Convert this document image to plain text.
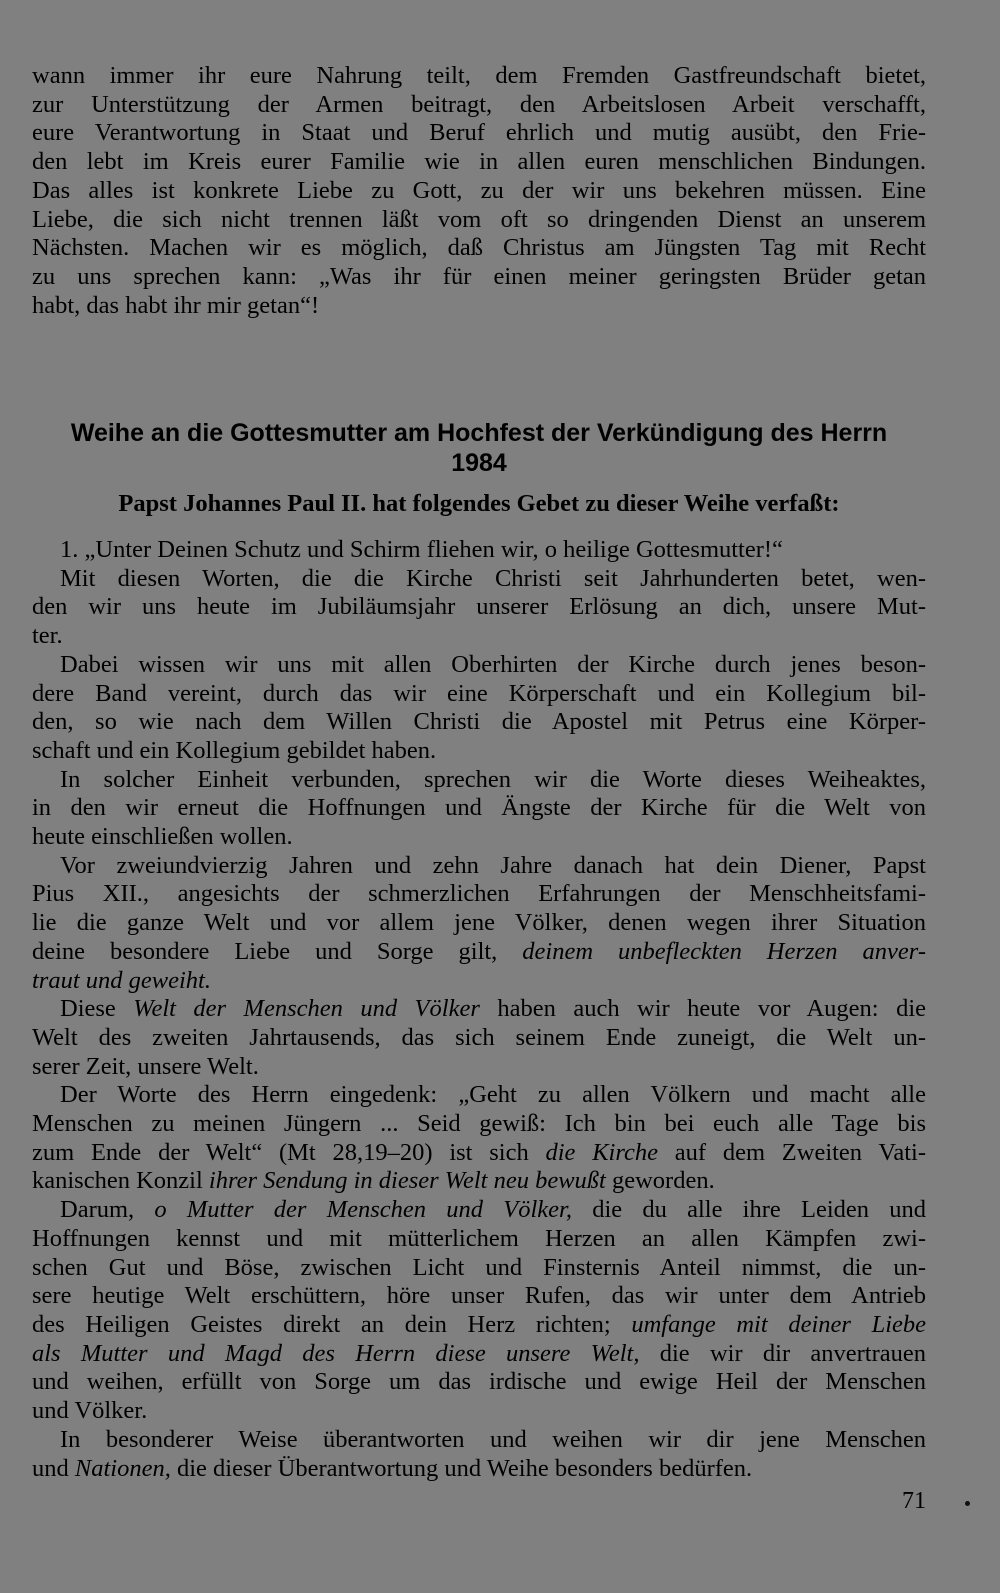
wann immer ihr eure Nahrung teilt, dem Fremden Gastfreundschaft bietet,
zur Unterstützung der Armen beitragt, den Arbeitslosen Arbeit verschafft,
eure Verantwortung in Staat und Beruf ehrlich und mutig ausübt, den Frie-
den lebt im Kreis eurer Familie wie in allen euren menschlichen Bindungen.
Das alles ist konkrete Liebe zu Gott, zu der wir uns bekehren müssen. Eine
Liebe, die sich nicht trennen läßt vom oft so dringenden Dienst an unserem
Nächsten. Machen wir es möglich, daß Christus am Jüngsten Tag mit Recht
zu uns sprechen kann: „Was ihr für einen meiner geringsten Brüder getan
habt, das habt ihr mir getan“!

Weihe an die Gottesmutter am Hochfest der Verkündigung des Herrn

1984

Papst Johannes Paul II. hat folgendes Gebet zu dieser Weihe verfaßt:

1. „Unter Deinen Schutz und Schirm fliehen wir, o heilige Gottesmutter!“
Mit diesen Worten, die die Kirche Christi seit Jahrhunderten betet, wen-
den wir uns heute im Jubiläumsjahr unserer Erlösung an dich, unsere Mut-
ter.
Dabei wissen wir uns mit allen Oberhirten der Kirche durch jenes beson-
dere Band vereint, durch das wir eine Körperschaft und ein Kollegium bil-
den, so wie nach dem Willen Christi die Apostel mit Petrus eine Körper-
schaft und ein Kollegium gebildet haben.
In solcher Einheit verbunden, sprechen wir die Worte dieses Weiheaktes,
in den wir erneut die Hoffnungen und Ängste der Kirche für die Welt von
heute einschließen wollen.
Vor zweiundvierzig Jahren und zehn Jahre danach hat dein Diener, Papst
Pius XII., angesichts der schmerzlichen Erfahrungen der Menschheitsfami-
lie die ganze Welt und vor allem jene Völker, denen wegen ihrer Situation
deine besondere Liebe und Sorge gilt, deinem unbefleckten Herzen anver-
traut und geweiht.
Diese Welt der Menschen und Völker haben auch wir heute vor Augen: die
Welt des zweiten Jahrtausends, das sich seinem Ende zuneigt, die Welt un-
serer Zeit, unsere Welt.
Der Worte des Herrn eingedenk: „Geht zu allen Völkern und macht alle
Menschen zu meinen Jüngern ... Seid gewiß: Ich bin bei euch alle Tage bis
zum Ende der Welt“ (Mt 28,19–20) ist sich die Kirche auf dem Zweiten Vati-
kanischen Konzil ihrer Sendung in dieser Welt neu bewußt geworden.
Darum, o Mutter der Menschen und Völker, die du alle ihre Leiden und
Hoffnungen kennst und mit mütterlichem Herzen an allen Kämpfen zwi-
schen Gut und Böse, zwischen Licht und Finsternis Anteil nimmst, die un-
sere heutige Welt erschüttern, höre unser Rufen, das wir unter dem Antrieb
des Heiligen Geistes direkt an dein Herz richten; umfange mit deiner Liebe
als Mutter und Magd des Herrn diese unsere Welt, die wir dir anvertrauen
und weihen, erfüllt von Sorge um das irdische und ewige Heil der Menschen
und Völker.
In besonderer Weise überantworten und weihen wir dir jene Menschen
und Nationen, die dieser Überantwortung und Weihe besonders bedürfen.
71
